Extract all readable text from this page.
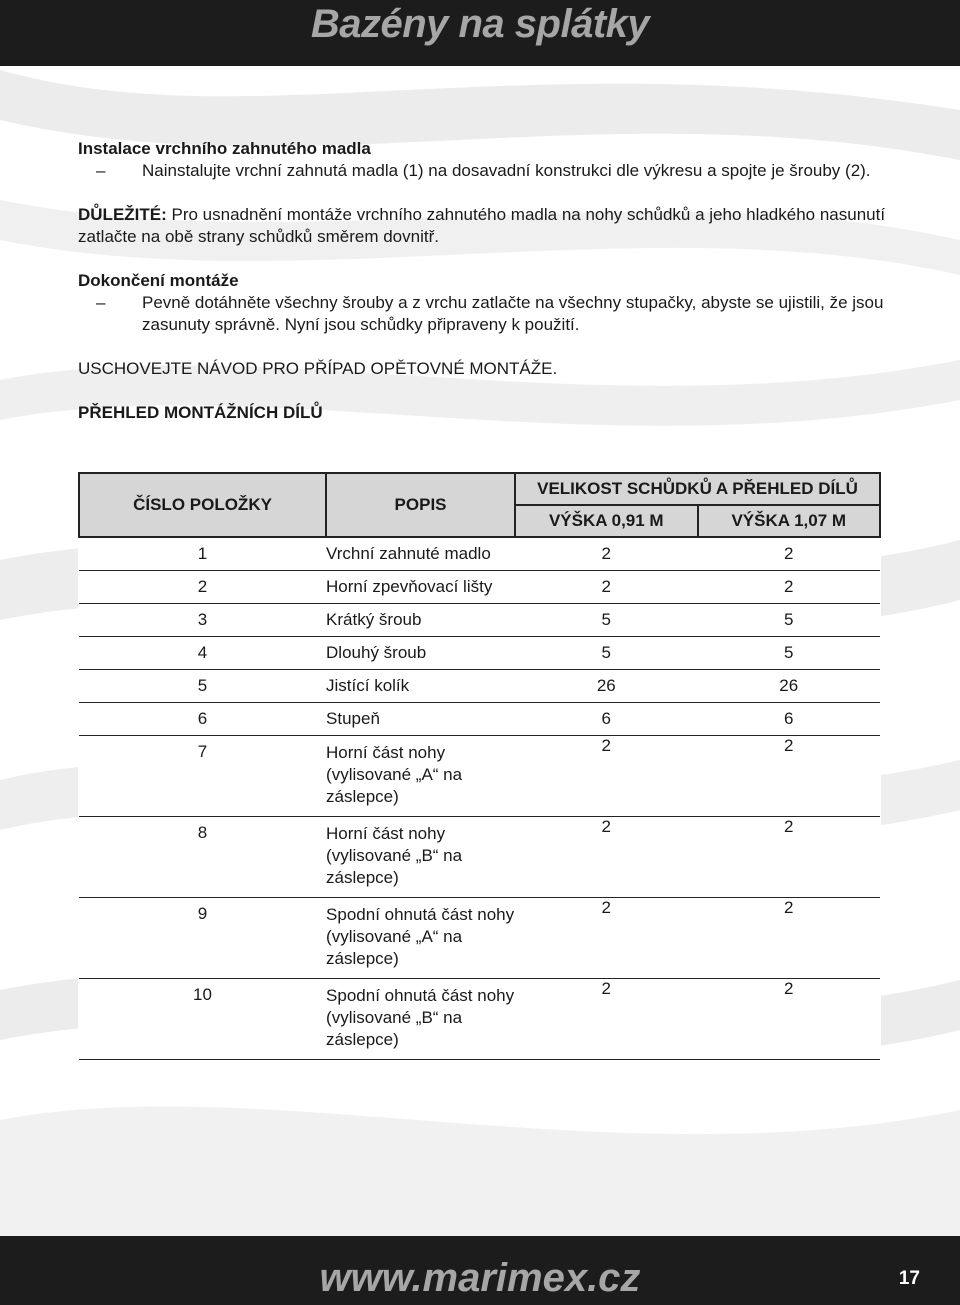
Bazény na splátky

Instalace vrchního zahnutého madla

–	Nainstalujte vrchní zahnutá madla (1) na dosavadní konstrukci dle výkresu a spojte je šrouby (2).

DŮLEŽITÉ: Pro usnadnění montáže vrchního zahnutého madla na nohy schůdků a jeho hladkého nasunutí zatlačte na obě strany schůdků směrem dovnitř.

Dokončení montáže

–	Pevně dotáhněte všechny šrouby a z vrchu zatlačte na všechny stupačky, abyste se ujistili, že jsou zasunuty správně. Nyní jsou schůdky připraveny k použití.

USCHOVEJTE NÁVOD PRO PŘÍPAD OPĚTOVNÉ MONTÁŽE.

PŘEHLED MONTÁŽNÍCH DÍLŮ

ČÍSLO POLOŽKY	POPIS	VELIKOST SCHŮDKŮ A PŘEHLED DÍLŮ	
		VÝŠKA 0,91 M	VÝŠKA 1,07 M
1	Vrchní zahnuté madlo	2	2
2	Horní zpevňovací lišty	2	2
3	Krátký šroub	5	5
4	Dlouhý šroub	5	5
5	Jistící kolík	26	26
6	Stupeň	6	6
7	Horní část nohy (vylisované „A“ na záslepce)	2	2
8	Horní část nohy (vylisované „B“ na záslepce)	2	2
9	Spodní ohnutá část nohy (vylisované „A“ na záslepce)	2	2
10	Spodní ohnutá část nohy (vylisované „B“ na záslepce)	2	2
www.marimex.cz	17
